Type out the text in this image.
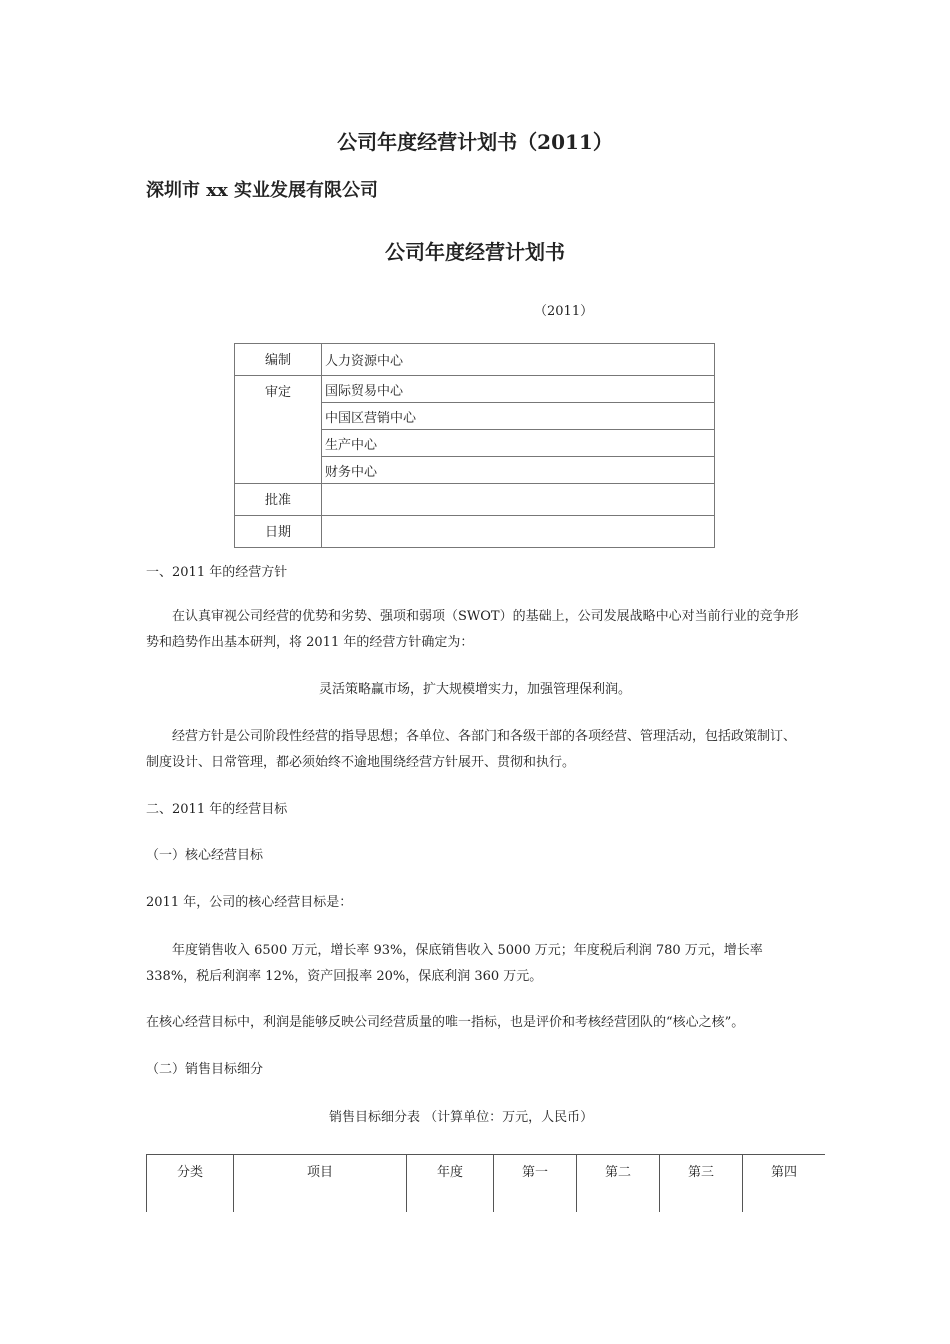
公司年度经营计划书（2011）
深圳市 xx 实业发展有限公司
公司年度经营计划书
（2011）
编制	人力资源中心
审定	国际贸易中心
	中国区营销中心
	生产中心
	财务中心
批准	
日期	
一、2011 年的经营方针
在认真审视公司经营的优势和劣势、强项和弱项（SWOT）的基础上，公司发展战略中心对当前行业的竞争形势和趋势作出基本研判，将 2011 年的经营方针确定为：
灵活策略赢市场，扩大规模增实力，加强管理保利润。
经营方针是公司阶段性经营的指导思想；各单位、各部门和各级干部的各项经营、管理活动，包括政策制订、制度设计、日常管理，都必须始终不逾地围绕经营方针展开、贯彻和执行。
二、2011 年的经营目标
（一）核心经营目标
2011 年，公司的核心经营目标是：
年度销售收入 6500 万元，增长率 93%，保底销售收入 5000 万元；年度税后利润 780 万元，增长率 338%，税后利润率 12%，资产回报率 20%，保底利润 360 万元。
在核心经营目标中，利润是能够反映公司经营质量的唯一指标，也是评价和考核经营团队的“核心之核”。
（二）销售目标细分
销售目标细分表 （计算单位：万元，人民币）
分类	项目	年度	第一	第二	第三	第四
